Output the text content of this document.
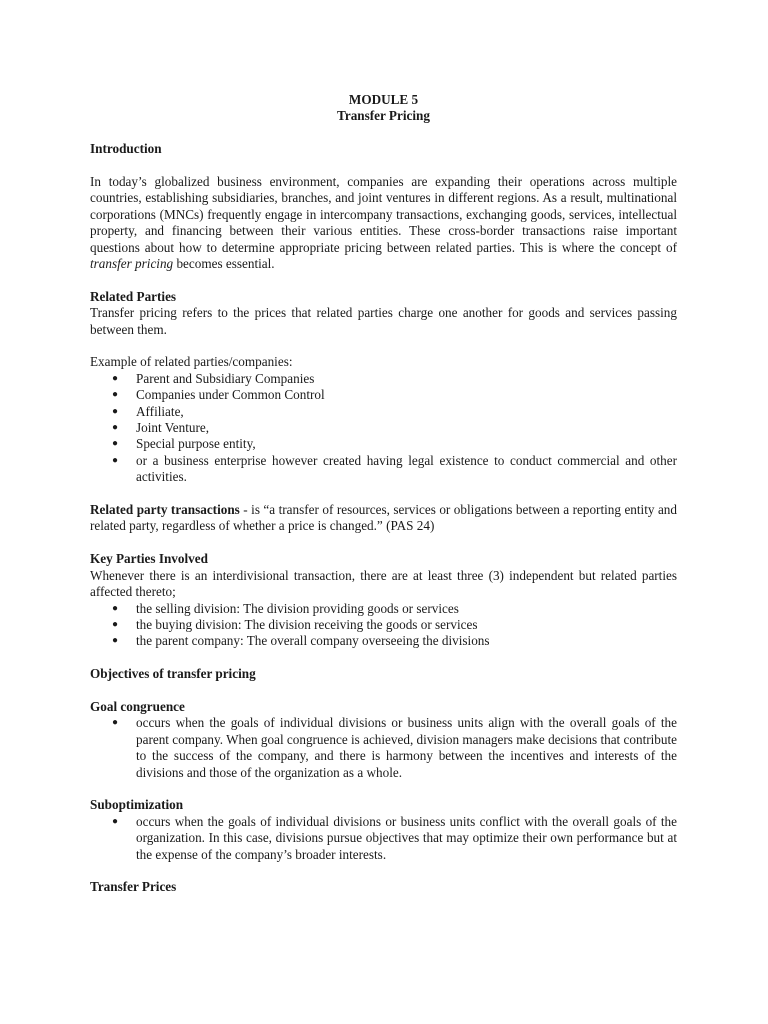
MODULE 5
Transfer Pricing
Introduction

In today’s globalized business environment, companies are expanding their operations across multiple countries, establishing subsidiaries, branches, and joint ventures in different regions. As a result, multinational corporations (MNCs) frequently engage in intercompany transactions, exchanging goods, services, intellectual property, and financing between their various entities. These cross-border transactions raise important questions about how to determine appropriate pricing between related parties. This is where the concept of transfer pricing becomes essential.

Related Parties

Transfer pricing refers to the prices that related parties charge one another for goods and services passing between them.

Example of related parties/companies:

● Parent and Subsidiary Companies
● Companies under Common Control
● Affiliate,
● Joint Venture,
● Special purpose entity,
● or a business enterprise however created having legal existence to conduct commercial and other activities.

Related party transactions - is “a transfer of resources, services or obligations between a reporting entity and related party, regardless of whether a price is changed.” (PAS 24)

Key Parties Involved

Whenever there is an interdivisional transaction, there are at least three (3) independent but related parties affected thereto;

● the selling division: The division providing goods or services
● the buying division: The division receiving the goods or services
● the parent company: The overall company overseeing the divisions
Objectives of transfer pricing
Goal congruence
● occurs when the goals of individual divisions or business units align with the overall goals of the parent company. When goal congruence is achieved, division managers make decisions that contribute to the success of the company, and there is harmony between the incentives and interests of the divisions and those of the organization as a whole.
Suboptimization
● occurs when the goals of individual divisions or business units conflict with the overall goals of the organization. In this case, divisions pursue objectives that may optimize their own performance but at the expense of the company’s broader interests.
Transfer Prices
